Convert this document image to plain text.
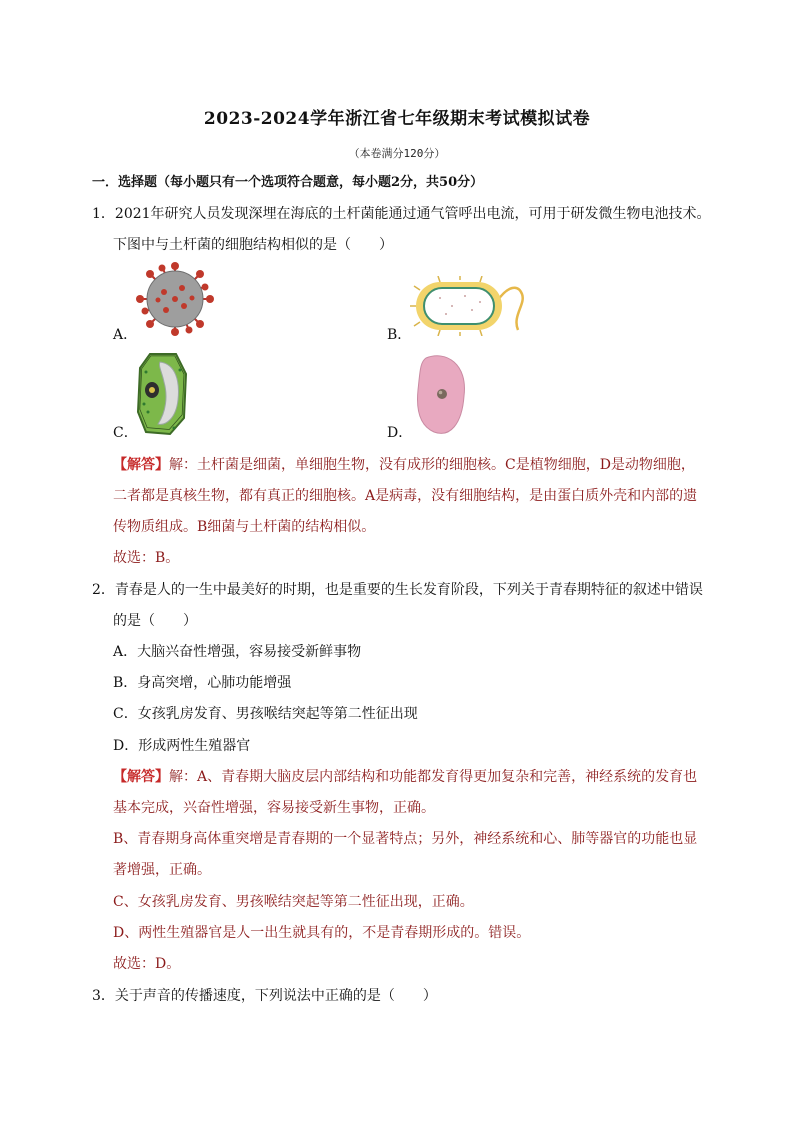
2023-2024学年浙江省七年级期末考试模拟试卷
（本卷满分120分）
一．选择题（每小题只有一个选项符合题意，每小题2分，共50分）
1．2021年研究人员发现深埋在海底的土杆菌能通过通气管呼出电流，可用于研发微生物电池技术。
下图中与土杆菌的细胞结构相似的是（　　）
A．	B．
C．	D．
【解答】解：土杆菌是细菌，单细胞生物，没有成形的细胞核。C是植物细胞，D是动物细胞，
二者都是真核生物，都有真正的细胞核。A是病毒，没有细胞结构，是由蛋白质外壳和内部的遗
传物质组成。B细菌与土杆菌的结构相似。
故选：B。
2．青春是人的一生中最美好的时期，也是重要的生长发育阶段，下列关于青春期特征的叙述中错误
的是（　　）
A．大脑兴奋性增强，容易接受新鲜事物
B．身高突增，心肺功能增强
C．女孩乳房发育、男孩喉结突起等第二性征出现
D．形成两性生殖器官
【解答】解：A、青春期大脑皮层内部结构和功能都发育得更加复杂和完善，神经系统的发育也
基本完成，兴奋性增强，容易接受新生事物，正确。
B、青春期身高体重突增是青春期的一个显著特点；另外，神经系统和心、肺等器官的功能也显
著增强，正确。
C、女孩乳房发育、男孩喉结突起等第二性征出现，正确。
D、两性生殖器官是人一出生就具有的，不是青春期形成的。错误。
故选：D。
3．关于声音的传播速度，下列说法中正确的是（　　）
